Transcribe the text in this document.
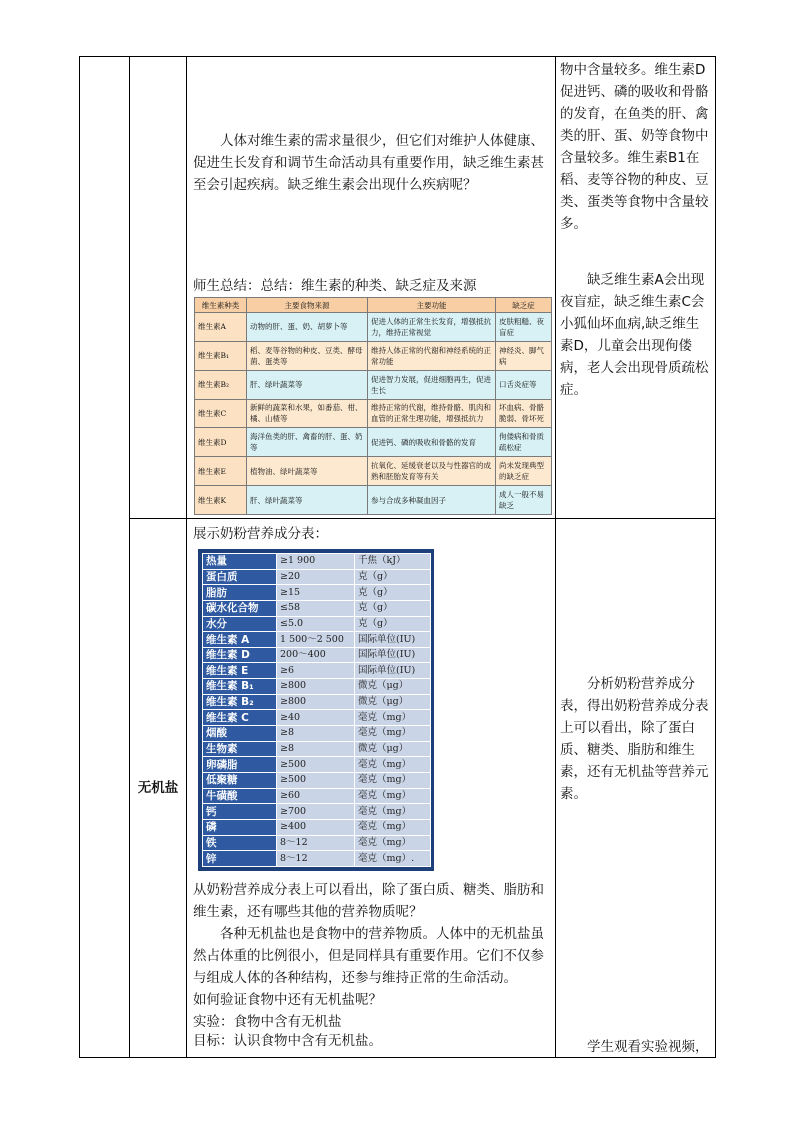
人体对维生素的需求量很少，但它们对维护人体健康、促进生长发育和调节生命活动具有重要作用，缺乏维生素甚至会引起疾病。缺乏维生素会出现什么疾病呢？
师生总结：总结：维生素的种类、缺乏症及来源
维生素种类	主要食物来源	主要功能	缺乏症
维生素A	动物的肝、蛋、奶、胡萝卜等	促进人体的正常生长发育，增强抵抗力，维持正常视觉	皮肤粗糙、夜盲症
维生素B₁	稻、麦等谷物的种皮、豆类、酵母菌、蛋类等	维持人体正常的代谢和神经系统的正常功能	神经炎、脚气病
维生素B₂	肝、绿叶蔬菜等	促进智力发展，促进细胞再生，促进生长	口舌炎症等
维生素C	新鲜的蔬菜和水果，如番茄、柑、橘、山楂等	维持正常的代谢，维持骨骼、肌肉和血管的正常生理功能，增强抵抗力	坏血病、骨骼脆弱、骨坏死
维生素D	海洋鱼类的肝、禽畜的肝、蛋、奶等	促进钙、磷的吸收和骨骼的发育	佝偻病和骨质疏松症
维生素E	植物油、绿叶蔬菜等	抗氧化、延缓衰老以及与性器官的成熟和胚胎发育等有关	尚未发现典型的缺乏症
维生素K	肝、绿叶蔬菜等	参与合成多种凝血因子	成人一般不易缺乏
物中含量较多。维生素D促进钙、磷的吸收和骨骼的发育，在鱼类的肝、禽类的肝、蛋、奶等食物中含量较多。维生素B1在稻、麦等谷物的种皮、豆类、蛋类等食物中含量较多。
缺乏维生素A会出现夜盲症，缺乏维生素C会小狐仙坏血病,缺乏维生素D，儿童会出现佝偻病，老人会出现骨质疏松症。
无机盐
展示奶粉营养成分表：
热量	≥1 900	千焦（kJ）
蛋白质	≥20	克（g）
脂肪	≥15	克（g）
碳水化合物	≤58	克（g）
水分	≤5.0	克（g）
维生素 A	1 500～2 500	国际单位(IU)
维生素 D	200～400	国际单位(IU)
维生素 E	≥6	国际单位(IU)
维生素 B₁	≥800	微克（μg）
维生素 B₂	≥800	微克（μg）
维生素 C	≥40	毫克（mg）
烟酸	≥8	毫克（mg）
生物素	≥8	微克（μg）
卵磷脂	≥500	毫克（mg）
低聚糖	≥500	毫克（mg）
牛磺酸	≥60	毫克（mg）
钙	≥700	毫克（mg）
磷	≥400	毫克（mg）
铁	8～12	毫克（mg）
锌	8～12	毫克（mg）.
从奶粉营养成分表上可以看出，除了蛋白质、糖类、脂肪和维生素，还有哪些其他的营养物质呢？
各种无机盐也是食物中的营养物质。人体中的无机盐虽然占体重的比例很小，但是同样具有重要作用。它们不仅参与组成人体的各种结构，还参与维持正常的生命活动。
如何验证食物中还有无机盐呢？
实验：食物中含有无机盐
目标：认识食物中含有无机盐。
分析奶粉营养成分表，得出奶粉营养成分表上可以看出，除了蛋白质、糖类、脂肪和维生素，还有无机盐等营养元素。
学生观看实验视频，
